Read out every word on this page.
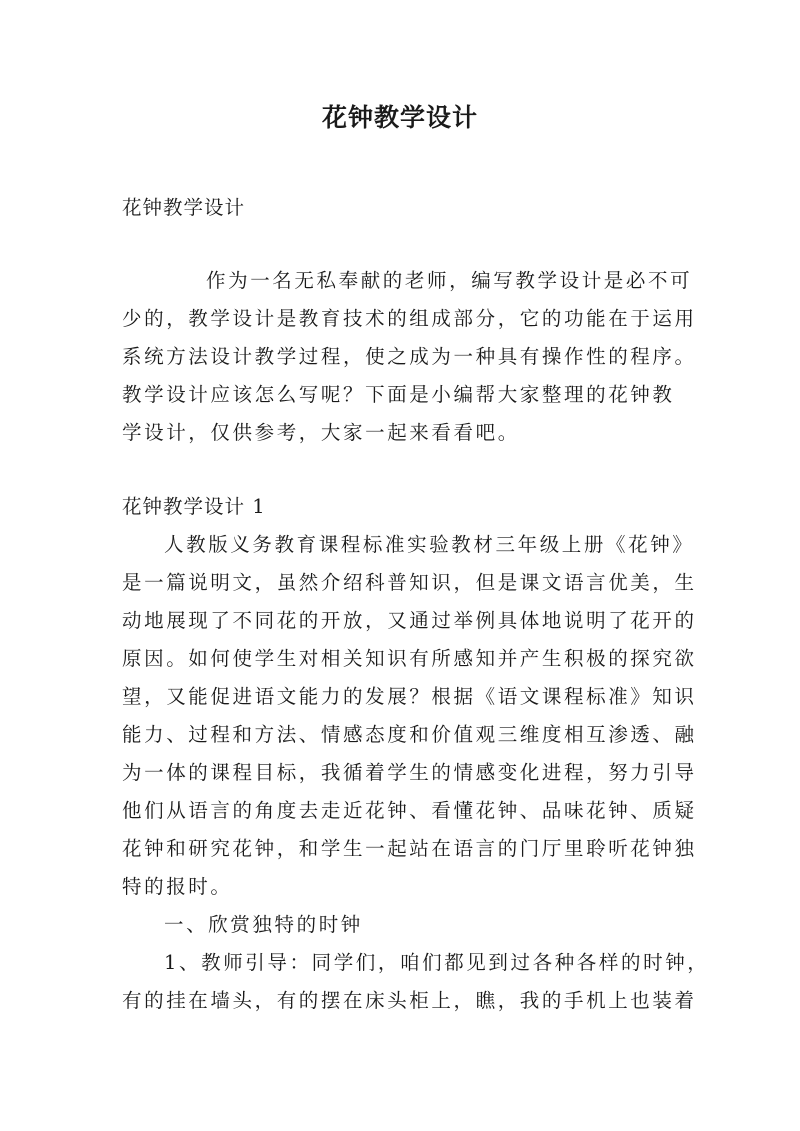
花钟教学设计
花钟教学设计
作为一名无私奉献的老师，编写教学设计是必不可
少的，教学设计是教育技术的组成部分，它的功能在于运用
系统方法设计教学过程，使之成为一种具有操作性的程序。
教学设计应该怎么写呢？下面是小编帮大家整理的花钟教
学设计，仅供参考，大家一起来看看吧。
花钟教学设计 1
人教版义务教育课程标准实验教材三年级上册《花钟》
是一篇说明文，虽然介绍科普知识，但是课文语言优美，生
动地展现了不同花的开放，又通过举例具体地说明了花开的
原因。如何使学生对相关知识有所感知并产生积极的探究欲
望，又能促进语文能力的发展？根据《语文课程标准》知识
能力、过程和方法、情感态度和价值观三维度相互渗透、融
为一体的课程目标，我循着学生的情感变化进程，努力引导
他们从语言的角度去走近花钟、看懂花钟、品味花钟、质疑
花钟和研究花钟，和学生一起站在语言的门厅里聆听花钟独
特的报时。
一、欣赏独特的时钟
1、教师引导：同学们，咱们都见到过各种各样的时钟，
有的挂在墙头，有的摆在床头柜上，瞧，我的手机上也装着
